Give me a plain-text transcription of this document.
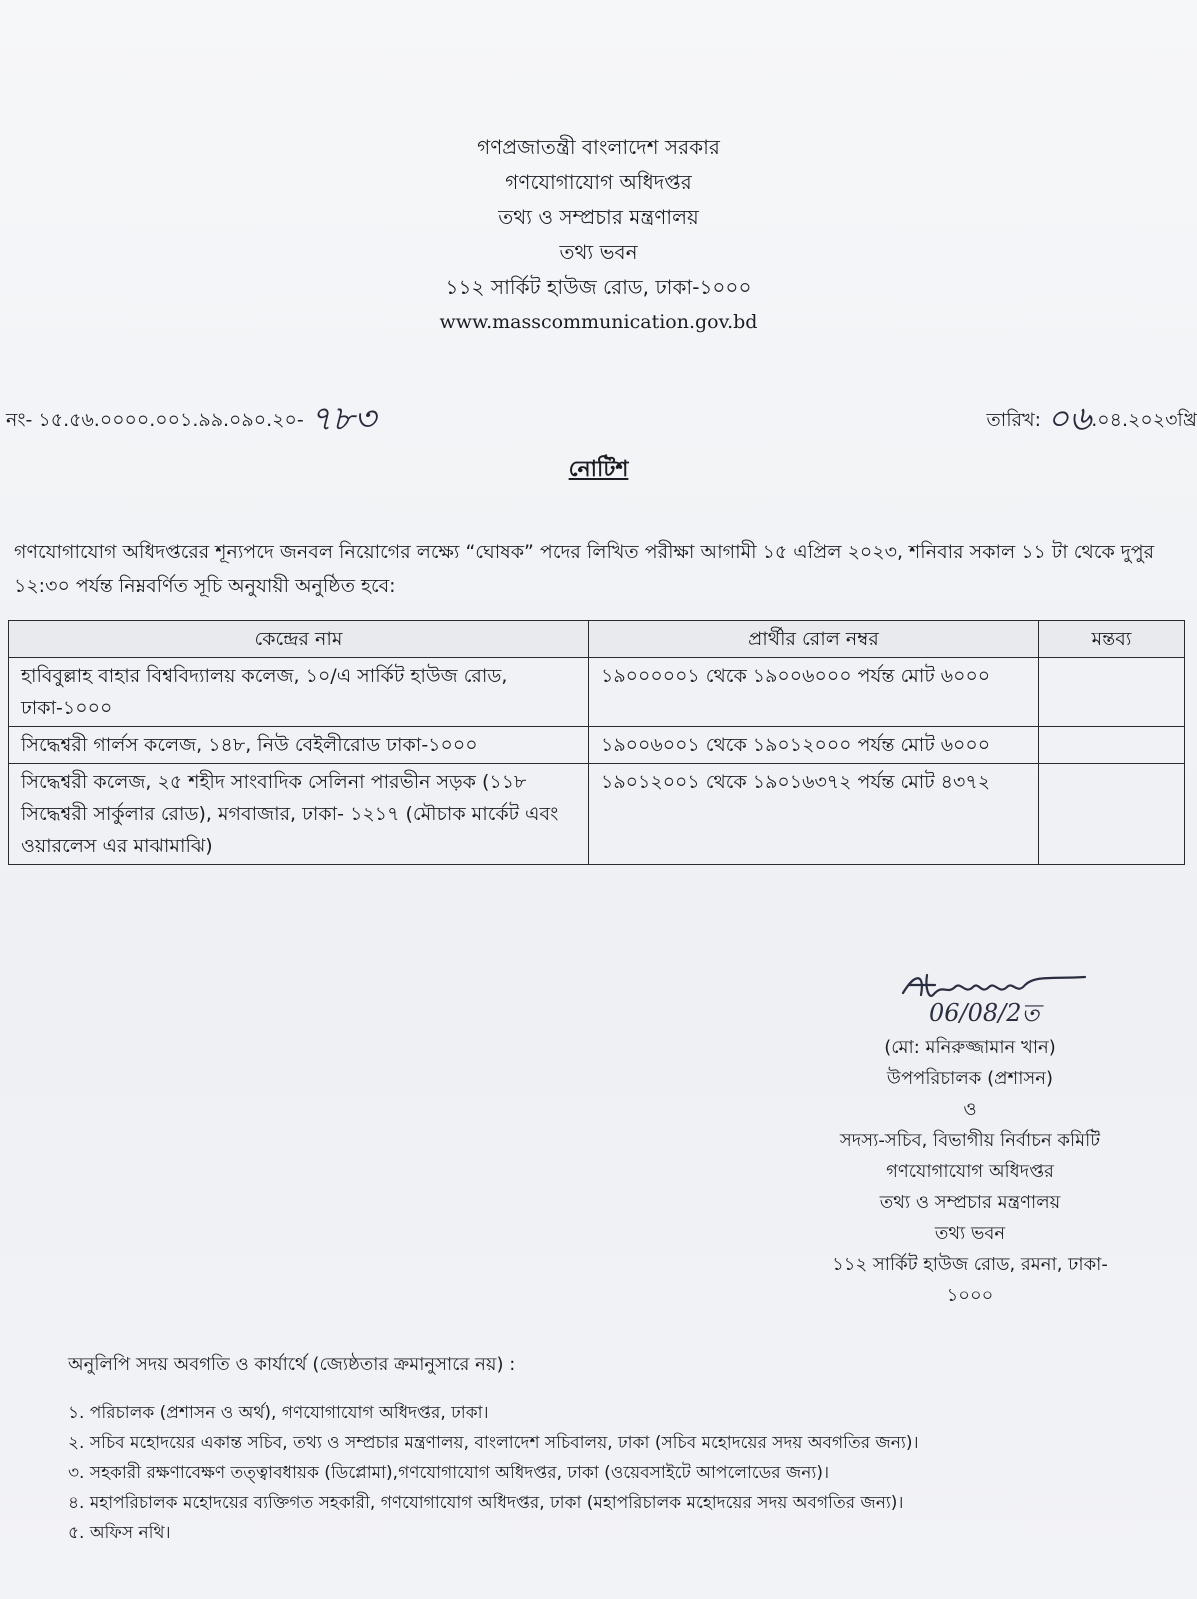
গণপ্রজাতন্ত্রী বাংলাদেশ সরকার
গণযোগাযোগ অধিদপ্তর
তথ্য ও সম্প্রচার মন্ত্রণালয়
তথ্য ভবন
১১২ সার্কিট হাউজ রোড, ঢাকা-১০০০
www.masscommunication.gov.bd
নং- ১৫.৫৬.০০০০.০০১.৯৯.০৯০.২০- ৭৮৩	তারিখ: ০৬.০৪.২০২৩খ্রি
নোটিশ
গণযোগাযোগ অধিদপ্তরের শূন্যপদে জনবল নিয়োগের লক্ষ্যে “ঘোষক” পদের লিখিত পরীক্ষা আগামী ১৫ এপ্রিল ২০২৩, শনিবার সকাল ১১ টা থেকে দুপুর ১২:৩০ পর্যন্ত নিম্নবর্ণিত সূচি অনুযায়ী অনুষ্ঠিত হবে:
কেন্দ্রের নাম	প্রার্থীর রোল নম্বর	মন্তব্য
হাবিবুল্লাহ বাহার বিশ্ববিদ্যালয় কলেজ, ১০/এ সার্কিট হাউজ রোড, ঢাকা-১০০০	১৯০০০০০১ থেকে ১৯০০৬০০০ পর্যন্ত মোট ৬০০০	
সিদ্ধেশ্বরী গার্লস কলেজ, ১৪৮, নিউ বেইলীরোড ঢাকা-১০০০	১৯০০৬০০১ থেকে ১৯০১২০০০ পর্যন্ত মোট ৬০০০	
সিদ্ধেশ্বরী কলেজ, ২৫ শহীদ সাংবাদিক সেলিনা পারভীন সড়ক (১১৮ সিদ্ধেশ্বরী সার্কুলার রোড), মগবাজার, ঢাকা- ১২১৭ (মৌচাক মার্কেট এবং ওয়ারলেস এর মাঝামাঝি)	১৯০১২০০১ থেকে ১৯০১৬৩৭২ পর্যন্ত মোট ৪৩৭২	
06/08/2ত
Hzaman
(মো: মনিরুজ্জামান খান)
উপপরিচালক (প্রশাসন)
ও
সদস্য-সচিব, বিভাগীয় নির্বাচন কমিটি
গণযোগাযোগ অধিদপ্তর
তথ্য ও সম্প্রচার মন্ত্রণালয়
তথ্য ভবন
১১২ সার্কিট হাউজ রোড, রমনা, ঢাকা-
১০০০
অনুলিপি সদয় অবগতি ও কার্যার্থে (জ্যেষ্ঠতার ক্রমানুসারে নয়) :
১. পরিচালক (প্রশাসন ও অর্থ), গণযোগাযোগ অধিদপ্তর, ঢাকা।
২. সচিব মহোদয়ের একান্ত সচিব, তথ্য ও সম্প্রচার মন্ত্রণালয়, বাংলাদেশ সচিবালয়, ঢাকা (সচিব মহোদয়ের সদয় অবগতির জন্য)।
৩. সহকারী রক্ষণাবেক্ষণ তত্ত্বাবধায়ক (ডিপ্লোমা),গণযোগাযোগ অধিদপ্তর, ঢাকা (ওয়েবসাইটে আপলোডের জন্য)।
৪. মহাপরিচালক মহোদয়ের ব্যক্তিগত সহকারী, গণযোগাযোগ অধিদপ্তর, ঢাকা (মহাপরিচালক মহোদয়ের সদয় অবগতির জন্য)।
৫. অফিস নথি।
